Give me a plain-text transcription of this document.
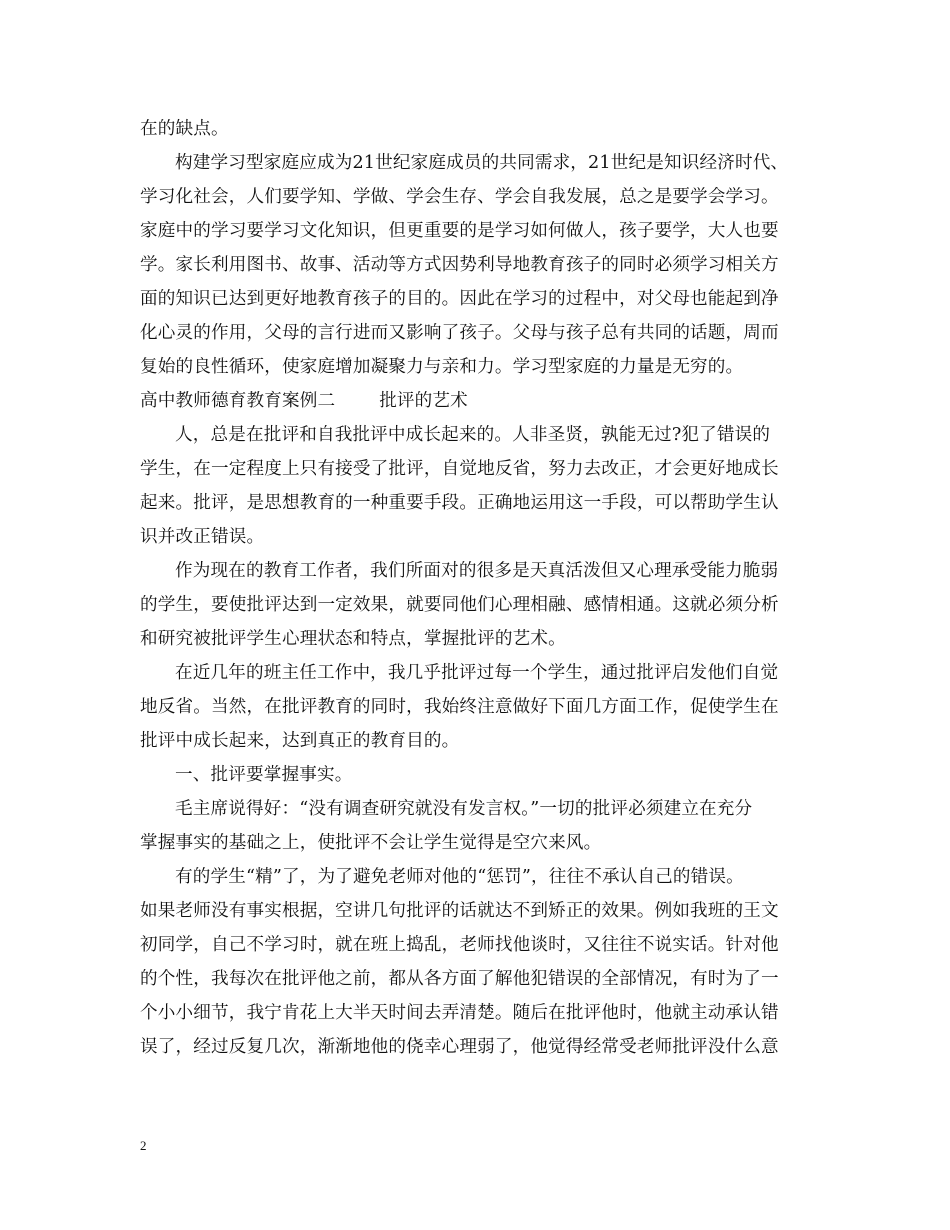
在的缺点。
构建学习型家庭应成为21世纪家庭成员的共同需求，21世纪是知识经济时代、
学习化社会，人们要学知、学做、学会生存、学会自我发展，总之是要学会学习。
家庭中的学习要学习文化知识，但更重要的是学习如何做人，孩子要学，大人也要
学。家长利用图书、故事、活动等方式因势利导地教育孩子的同时必须学习相关方
面的知识已达到更好地教育孩子的目的。因此在学习的过程中，对父母也能起到净
化心灵的作用，父母的言行进而又影响了孩子。父母与孩子总有共同的话题，周而
复始的良性循环，使家庭增加凝聚力与亲和力。学习型家庭的力量是无穷的。
高中教师德育教育案例二	批评的艺术
人，总是在批评和自我批评中成长起来的。人非圣贤，孰能无过?犯了错误的
学生，在一定程度上只有接受了批评，自觉地反省，努力去改正，才会更好地成长
起来。批评，是思想教育的一种重要手段。正确地运用这一手段，可以帮助学生认
识并改正错误。
作为现在的教育工作者，我们所面对的很多是天真活泼但又心理承受能力脆弱
的学生，要使批评达到一定效果，就要同他们心理相融、感情相通。这就必须分析
和研究被批评学生心理状态和特点，掌握批评的艺术。
在近几年的班主任工作中，我几乎批评过每一个学生，通过批评启发他们自觉
地反省。当然，在批评教育的同时，我始终注意做好下面几方面工作，促使学生在
批评中成长起来，达到真正的教育目的。
一、批评要掌握事实。
毛主席说得好：“没有调查研究就没有发言权。”一切的批评必须建立在充分
掌握事实的基础之上，使批评不会让学生觉得是空穴来风。
有的学生“精”了，为了避免老师对他的“惩罚”，往往不承认自己的错误。
如果老师没有事实根据，空讲几句批评的话就达不到矫正的效果。例如我班的王文
初同学，自己不学习时，就在班上捣乱，老师找他谈时，又往往不说实话。针对他
的个性，我每次在批评他之前，都从各方面了解他犯错误的全部情况，有时为了一
个小小细节，我宁肯花上大半天时间去弄清楚。随后在批评他时，他就主动承认错
误了，经过反复几次，渐渐地他的侥幸心理弱了，他觉得经常受老师批评没什么意
2
